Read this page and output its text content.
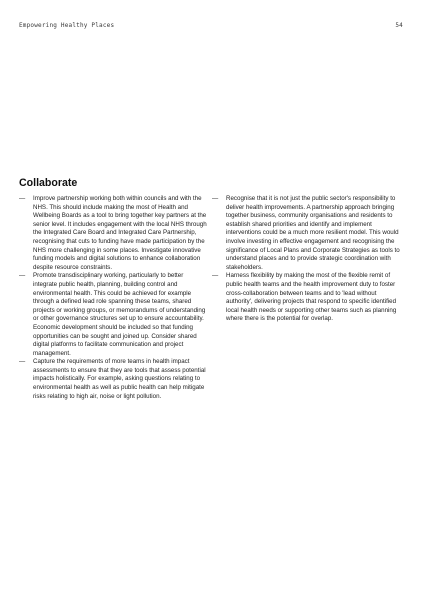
Empowering Healthy Places	54
Collaborate
—	Improve partnership working both within councils and with the NHS. This should include making the most of Health and Wellbeing Boards as a tool to bring together key partners at the senior level. It includes engagement with the local NHS through the Integrated Care Board and Integrated Care Partnership, recognising that cuts to funding have made participation by the NHS more challenging in some places. Investigate innovative funding models and digital solutions to enhance collaboration despite resource constraints.
—	Promote transdisciplinary working, particularly to better integrate public health, planning, building control and environmental health. This could be achieved for example through a defined lead role spanning these teams, shared projects or working groups, or memorandums of understanding or other governance structures set up to ensure accountability. Economic development should be included so that funding opportunities can be sought and joined up. Consider shared digital platforms to facilitate communication and project management.
—	Capture the requirements of more teams in health impact assessments to ensure that they are tools that assess potential impacts holistically. For example, asking questions relating to environmental health as well as public health can help mitigate risks relating to high air, noise or light pollution.
—	Recognise that it is not just the public sector's responsibility to deliver health improvements. A partnership approach bringing together business, community organisations and residents to establish shared priorities and identify and implement interventions could be a much more resilient model. This would involve investing in effective engagement and recognising the significance of Local Plans and Corporate Strategies as tools to understand places and to provide strategic coordination with stakeholders.
—	Harness flexibility by making the most of the flexible remit of public health teams and the health improvement duty to foster cross-collaboration between teams and to 'lead without authority', delivering projects that respond to specific identified local health needs or supporting other teams such as planning where there is the potential for overlap.
